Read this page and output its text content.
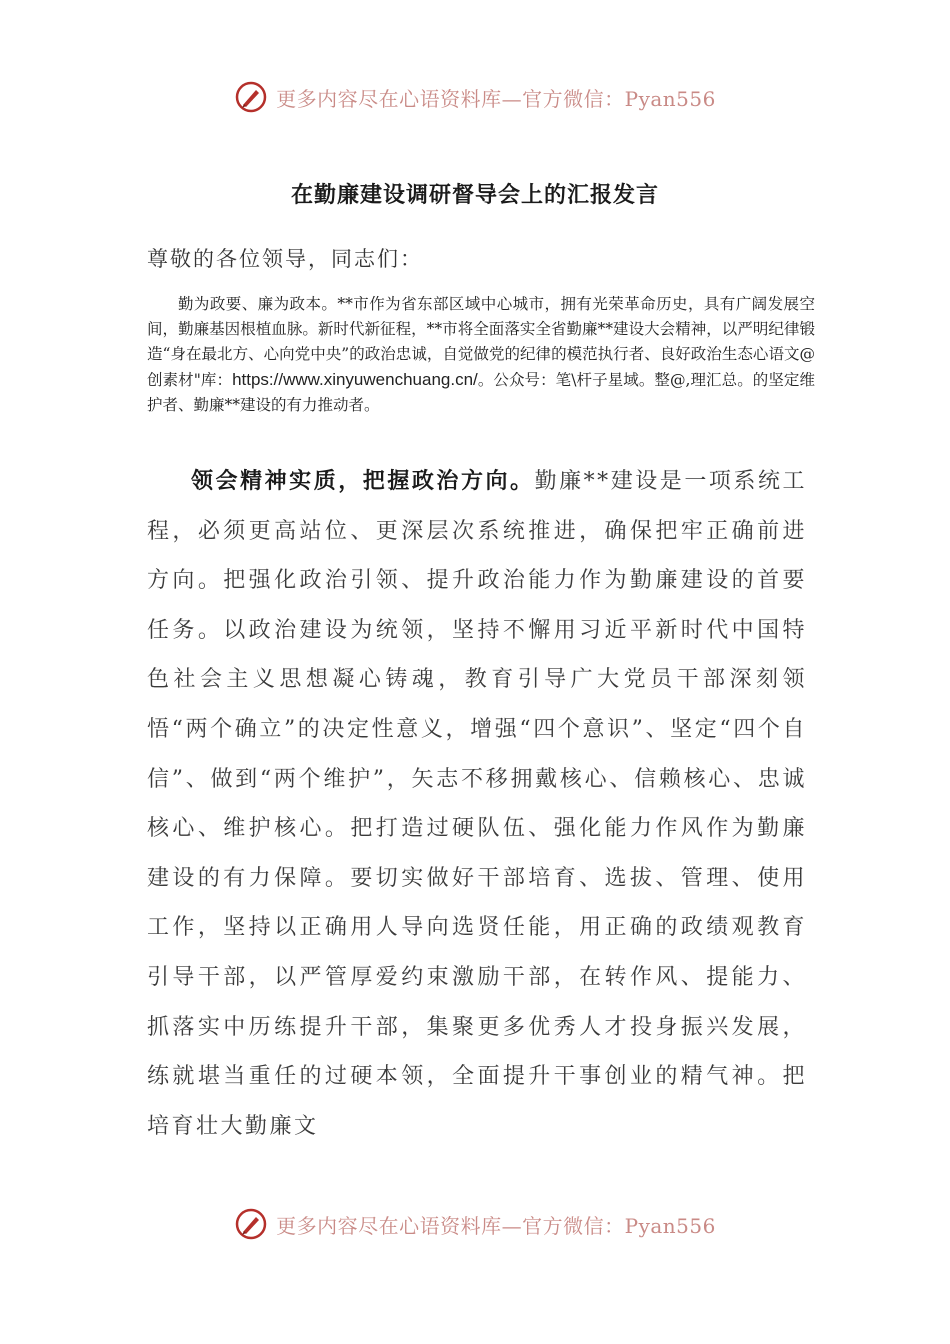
更多内容尽在心语资料库—官方微信：Pyan556
在勤廉建设调研督导会上的汇报发言
尊敬的各位领导，同志们：

勤为政要、廉为政本。**市作为省东部区域中心城市，拥有光荣革命历史，具有广阔发展空间，勤廉基因根植血脉。新时代新征程，**市将全面落实全省勤廉**建设大会精神，以严明纪律锻造“身在最北方、心向党中央”的政治忠诚，自觉做党的纪律的模范执行者、良好政治生态心语文@创素材"库：https://www.xinyuwenchuang.cn/。公众号：笔\杆子星域。整@,理汇总。的坚定维护者、勤廉**建设的有力推动者。

领会精神实质，把握政治方向。勤廉**建设是一项系统工程，必须更高站位、更深层次系统推进，确保把牢正确前进方向。把强化政治引领、提升政治能力作为勤廉建设的首要任务。以政治建设为统领，坚持不懈用习近平新时代中国特色社会主义思想凝心铸魂，教育引导广大党员干部深刻领悟“两个确立”的决定性意义，增强“四个意识”、坚定“四个自信”、做到“两个维护”，矢志不移拥戴核心、信赖核心、忠诚核心、维护核心。把打造过硬队伍、强化能力作风作为勤廉建设的有力保障。要切实做好干部培育、选拔、管理、使用工作，坚持以正确用人导向选贤任能，用正确的政绩观教育引导干部，以严管厚爱约束激励干部，在转作风、提能力、抓落实中历练提升干部，集聚更多优秀人才投身振兴发展，练就堪当重任的过硬本领，全面提升干事创业的精气神。把培育壮大勤廉文

更多内容尽在心语资料库—官方微信：Pyan556
